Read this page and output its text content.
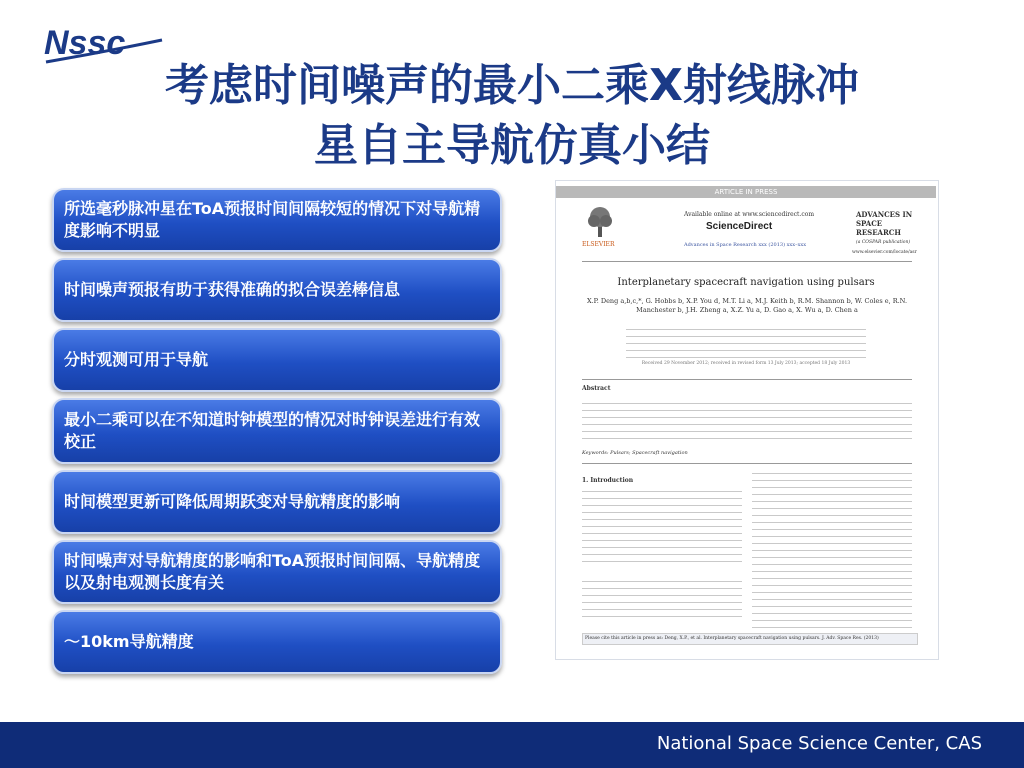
Nssc
考虑时间噪声的最小二乘X射线脉冲
星自主导航仿真小结
所选毫秒脉冲星在ToA预报时间间隔较短的情况下对导航精度影响不明显
时间噪声预报有助于获得准确的拟合误差棒信息
分时观测可用于导航
最小二乘可以在不知道时钟模型的情况对时钟误差进行有效校正
时间模型更新可降低周期跃变对导航精度的影响
时间噪声对导航精度的影响和ToA预报时间间隔、导航精度以及射电观测长度有关
～10km导航精度
ARTICLE IN PRESS
ELSEVIER
Available online at www.sciencedirect.com
ScienceDirect
Advances in Space Research xxx (2013) xxx–xxx
ADVANCES IN
SPACE
RESEARCH
(a COSPAR publication)
www.elsevier.com/locate/asr
Interplanetary spacecraft navigation using pulsars
X.P. Deng a,b,c,*, G. Hobbs b, X.P. You d, M.T. Li a, M.J. Keith b, R.M. Shannon b, W. Coles e, R.N. Manchester b, J.H. Zheng a, X.Z. Yu a, D. Gao a, X. Wu a, D. Chen a
Received 29 November 2012; received in revised form 13 July 2013; accepted 18 July 2013
Abstract
Keywords: Pulsars; Spacecraft navigation
1. Introduction
Please cite this article in press as: Deng, X.P., et al. Interplanetary spacecraft navigation using pulsars. J. Adv. Space Res. (2013)
National Space Science Center, CAS
